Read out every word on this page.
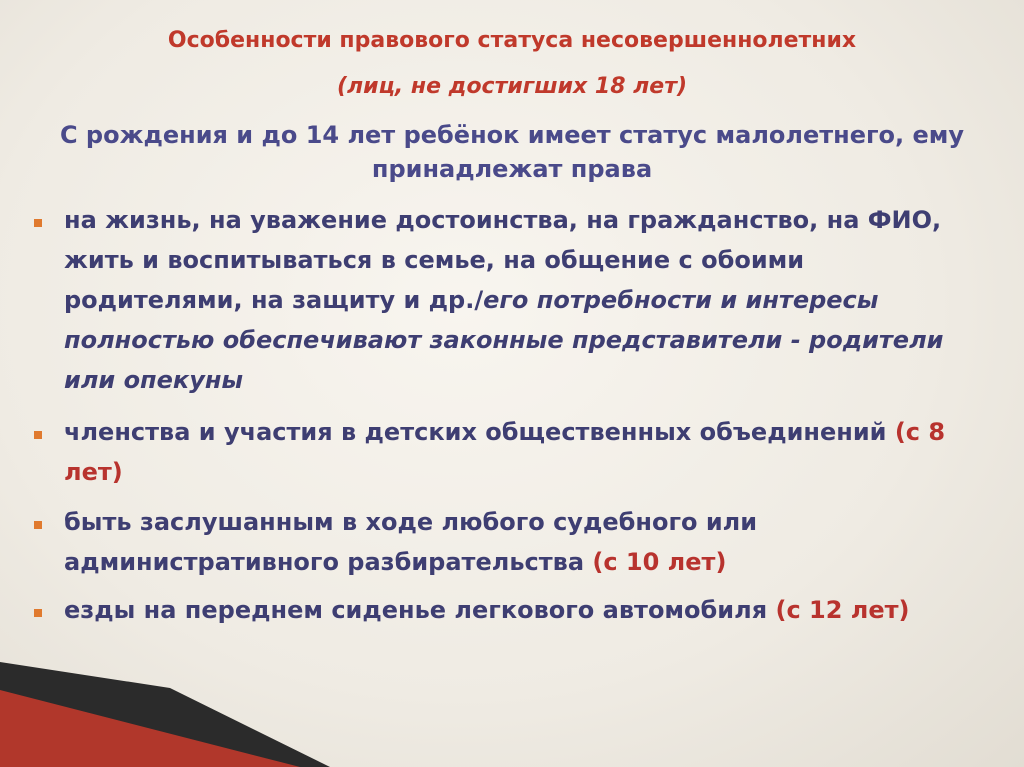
Особенности правового статуса несовершеннолетних
(лиц, не достигших 18 лет)
С рождения и до 14 лет ребёнок имеет статус малолетнего, ему принадлежат права
на жизнь, на уважение достоинства, на гражданство, на ФИО, жить и воспитываться в семье, на общение с обоими родителями, на защиту и др./его потребности и интересы полностью обеспечивают законные представители - родители или опекуны
членства и участия в детских общественных объединений (с 8 лет)
быть заслушанным в ходе любого судебного или административного разбирательства (с 10 лет)
езды на переднем сиденье легкового автомобиля (с 12 лет)
